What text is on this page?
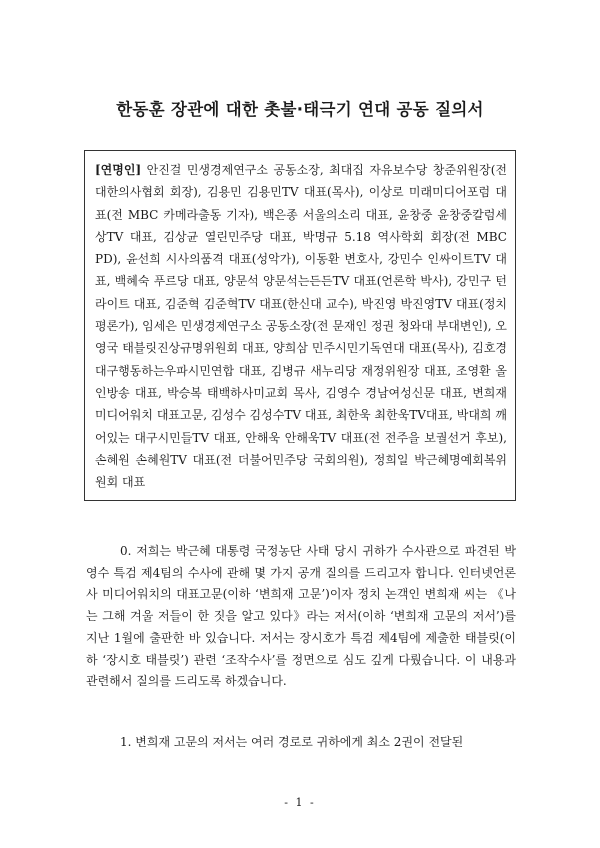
한동훈 장관에 대한 촛불·태극기 연대 공동 질의서
[연명인] 안진걸 민생경제연구소 공동소장, 최대집 자유보수당 창준위원장(전 대한의사협회 회장), 김용민 김용민TV 대표(목사), 이상로 미래미디어포럼 대표(전 MBC 카메라출동 기자), 백은종 서울의소리 대표, 윤창중 윤창중칼럼세상TV 대표, 김상균 열린민주당 대표, 박명규 5.18 역사학회 회장(전 MBC PD), 윤선희 시사의품격 대표(성악가), 이동환 변호사, 강민수 인싸이트TV 대표, 백혜숙 푸르당 대표, 양문석 양문석는든든TV 대표(언론학 박사), 강민구 턴라이트 대표, 김준혁 김준혁TV 대표(한신대 교수), 박진영 박진영TV 대표(정치평론가), 임세은 민생경제연구소 공동소장(전 문재인 정권 청와대 부대변인), 오영국 태블릿진상규명위원회 대표, 양희삼 민주시민기독연대 대표(목사), 김호경 대구행동하는우파시민연합 대표, 김병규 새누리당 재정위원장 대표, 조영환 올인방송 대표, 박승복 태백하사미교회 목사, 김영수 경남여성신문 대표, 변희재 미디어워치 대표고문, 김성수 김성수TV 대표, 최한욱 최한욱TV대표, 박대희 깨어있는 대구시민들TV 대표, 안해욱 안해욱TV 대표(전 전주을 보궐선거 후보), 손혜원 손혜원TV 대표(전 더불어민주당 국회의원), 정희일 박근혜명예회복위원회 대표

0. 저희는 박근혜 대통령 국정농단 사태 당시 귀하가 수사관으로 파견된 박영수 특검 제4팀의 수사에 관해 몇 가지 공개 질의를 드리고자 합니다. 인터넷언론사 미디어워치의 대표고문(이하 ‘변희재 고문’)이자 정치 논객인 변희재 씨는 《나는 그해 겨울 저들이 한 짓을 알고 있다》라는 저서(이하 ‘변희재 고문의 저서’)를 지난 1월에 출판한 바 있습니다. 저서는 장시호가 특검 제4팀에 제출한 태블릿(이하 ‘장시호 태블릿’) 관련 ‘조작수사’를 정면으로 심도 깊게 다뤘습니다. 이 내용과 관련해서 질의를 드리도록 하겠습니다.

1. 변희재 고문의 저서는 여러 경로로 귀하에게 최소 2권이 전달된

- 1 -
